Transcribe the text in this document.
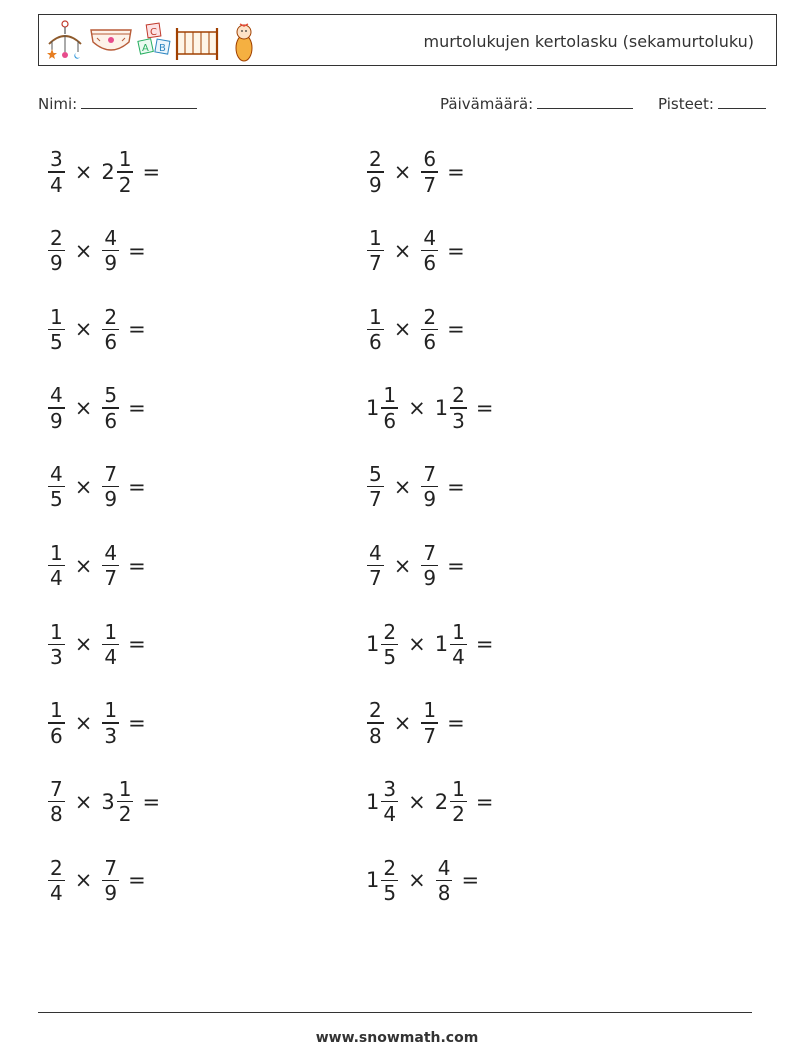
C
A B	murtolukujen kertolasku (sekamurtoluku)
Nimi:	Päivämäärä:	Pisteet:
$\frac{3}{4} \times 2 \frac{1}{2}$ =	$\frac{2}{9} \times \frac{6}{7}$ =
$\frac{2}{9} \times \frac{4}{9}$ =	$\frac{1}{7} \times \frac{4}{6}$ =
$\frac{1}{5} \times \frac{2}{6}$ =	$\frac{1}{6} \times \frac{2}{6}$ =
$\frac{4}{9} \times \frac{5}{6}$ =	$1 \frac{1}{6} \times 1 \frac{2}{3}$ =
$\frac{4}{5} \times \frac{7}{9}$ =	$\frac{5}{7} \times \frac{7}{9}$ =
$\frac{1}{4} \times \frac{4}{7}$ =	$\frac{4}{7} \times \frac{7}{9}$ =
$\frac{1}{3} \times \frac{1}{4}$ =	$1 \frac{2}{5} \times 1 \frac{1}{4}$ =
$\frac{1}{6} \times \frac{1}{3}$ =	$\frac{2}{8} \times \frac{1}{7}$ =
$\frac{7}{8} \times 3 \frac{1}{2}$ =	$1 \frac{3}{4} \times 2 \frac{1}{2}$ =
$\frac{2}{4} \times \frac{7}{9}$ =	$1 \frac{2}{5} \times \frac{4}{8}$ =
www.snowmath.com
